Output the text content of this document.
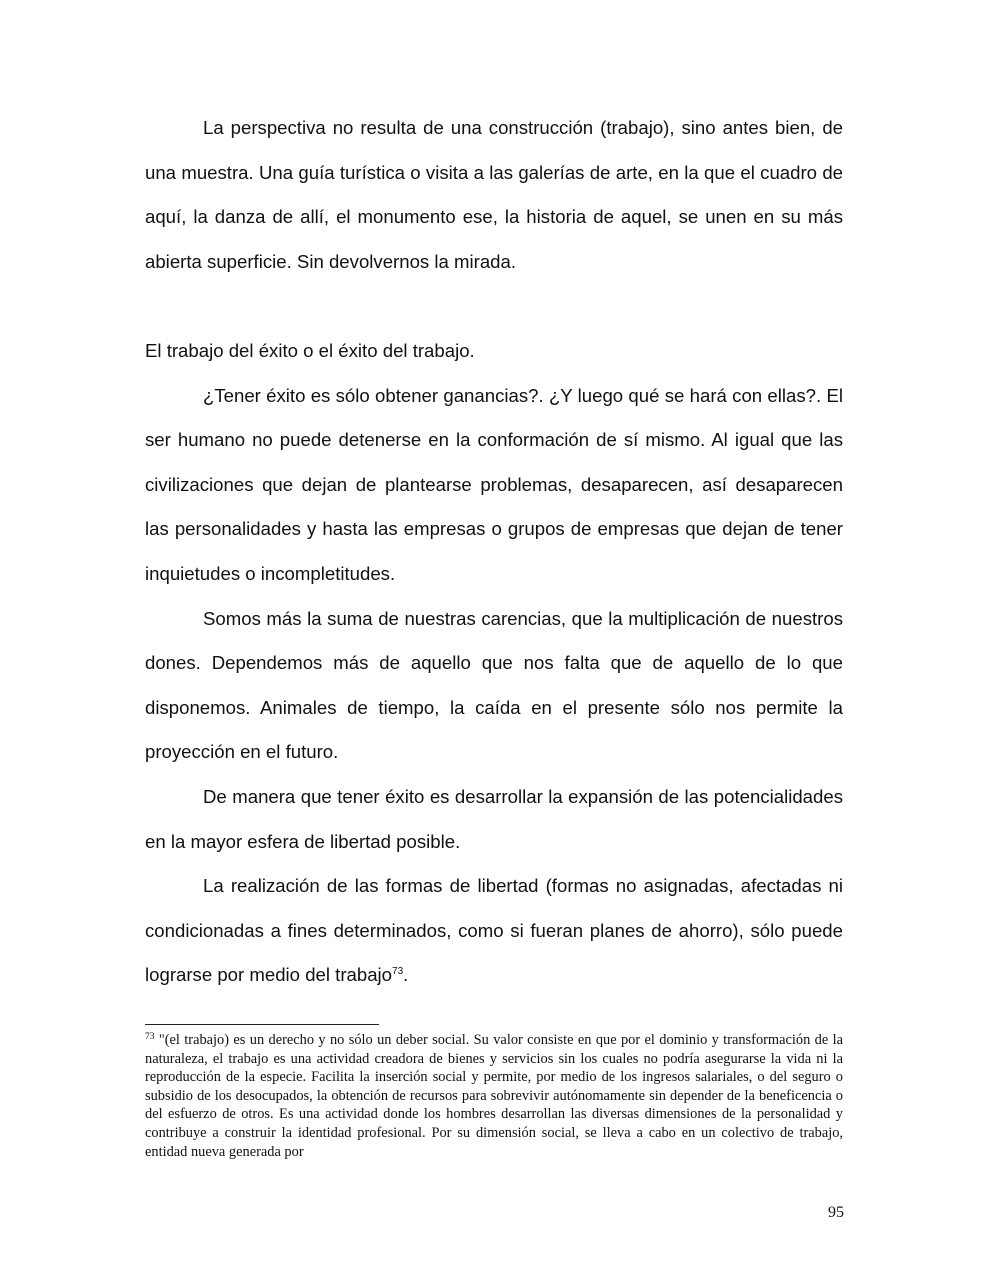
La perspectiva no resulta de una construcción (trabajo), sino antes bien, de una muestra. Una guía turística o visita a las galerías de arte, en la que el cuadro de aquí, la danza de allí, el monumento ese, la historia de aquel, se unen en su más abierta superficie. Sin devolvernos la mirada.

El trabajo del éxito o el éxito del trabajo.

¿Tener éxito es sólo obtener ganancias?. ¿Y luego qué se hará con ellas?. El ser humano no puede detenerse en la conformación de sí mismo. Al igual que las civilizaciones que dejan de plantearse problemas, desaparecen, así desaparecen las personalidades y hasta las empresas o grupos de empresas que dejan de tener inquietudes o incompletitudes.

Somos más la suma de nuestras carencias, que la multiplicación de nuestros dones. Dependemos más de aquello que nos falta que de aquello de lo que disponemos. Animales de tiempo, la caída en el presente sólo nos permite la proyección en el futuro.

De manera que tener éxito es desarrollar la expansión de las potencialidades en la mayor esfera de libertad posible.

La realización de las formas de libertad (formas no asignadas, afectadas ni condicionadas a fines determinados, como si fueran planes de ahorro), sólo puede lograrse por medio del trabajo$^{73}$.

$^{73}$ "(el trabajo) es un derecho y no sólo un deber social. Su valor consiste en que por el dominio y transformación de la naturaleza, el trabajo es una actividad creadora de bienes y servicios sin los cuales no podría asegurarse la vida ni la reproducción de la especie. Facilita la inserción social y permite, por medio de los ingresos salariales, o del seguro o subsidio de los desocupados, la obtención de recursos para sobrevivir autónomamente sin depender de la beneficencia o del esfuerzo de otros. Es una actividad donde los hombres desarrollan las diversas dimensiones de la personalidad y contribuye a construir la identidad profesional. Por su dimensión social, se lleva a cabo en un colectivo de trabajo, entidad nueva generada por

95
